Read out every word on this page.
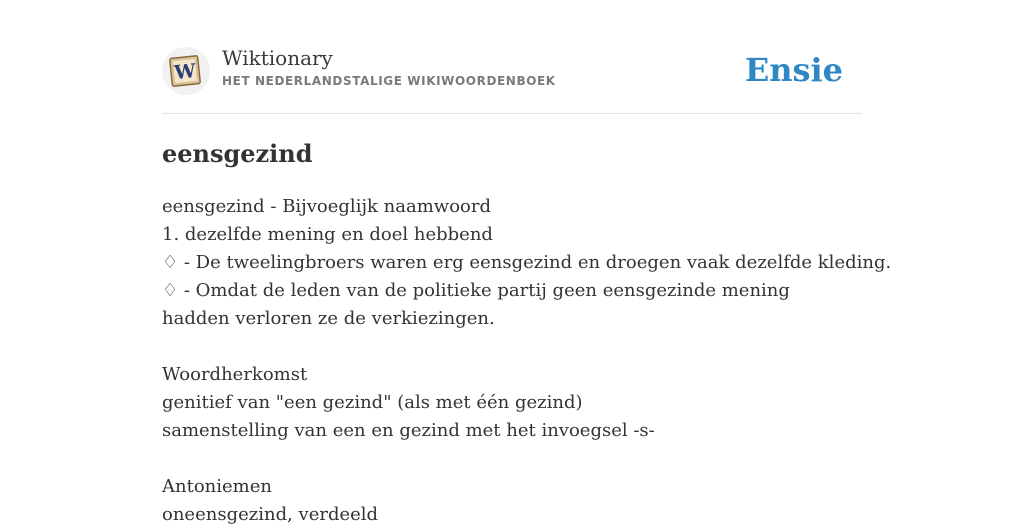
W
Wiktionary
HET NEDERLANDSTALIGE WIKIWOORDENBOEK	Ensie
eensgezind
eensgezind - Bijvoeglijk naamwoord
1. dezelfde mening en doel hebbend
♢ - De tweelingbroers waren erg eensgezind en droegen vaak dezelfde kleding.
♢ - Omdat de leden van de politieke partij geen eensgezinde mening hadden verloren ze de verkiezingen.
Woordherkomst
genitief van "een gezind" (als met één gezind)
samenstelling van een en gezind met het invoegsel -s-
Antoniemen
oneensgezind, verdeeld
